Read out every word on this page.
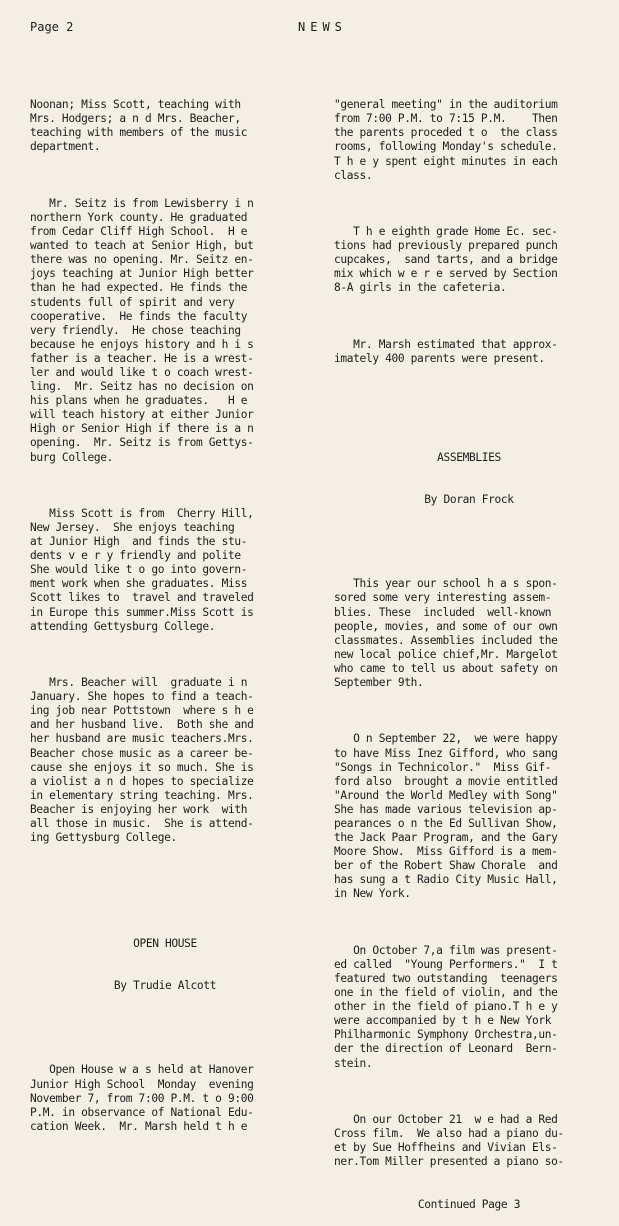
Page 2	NEWS

Noonan; Miss Scott, teaching with
Mrs. Hodgers; a n d Mrs. Beacher,
teaching with members of the music
department.

Mr. Seitz is from Lewisberry i n
northern York county. He graduated
from Cedar Cliff High School.  H e
wanted to teach at Senior High, but
there was no opening. Mr. Seitz en-
joys teaching at Junior High better
than he had expected. He finds the
students full of spirit and very
cooperative.  He finds the faculty
very friendly.  He chose teaching
because he enjoys history and h i s
father is a teacher. He is a wrest-
ler and would like t o coach wrest-
ling.  Mr. Seitz has no decision on
his plans when he graduates.   H e
will teach history at either Junior
High or Senior High if there is a n
opening.  Mr. Seitz is from Gettys-
burg College.

Miss Scott is from  Cherry Hill,
New Jersey.  She enjoys teaching
at Junior High  and finds the stu-
dents v e r y friendly and polite
She would like t o go into govern-
ment work when she graduates. Miss
Scott likes to  travel and traveled
in Europe this summer.Miss Scott is
attending Gettysburg College.

Mrs. Beacher will  graduate i n
January. She hopes to find a teach-
ing job near Pottstown  where s h e
and her husband live.  Both she and
her husband are music teachers.Mrs.
Beacher chose music as a career be-
cause she enjoys it so much. She is
a violist a n d hopes to specialize
in elementary string teaching. Mrs.
Beacher is enjoying her work  with
all those in music.  She is attend-
ing Gettysburg College.

OPEN HOUSE

By Trudie Alcott

Open House w a s held at Hanover
Junior High School  Monday  evening
November 7, from 7:00 P.M. t o 9:00
P.M. in observance of National Edu-
cation Week.  Mr. Marsh held t h e

"general meeting" in the auditorium
from 7:00 P.M. to 7:15 P.M.    Then
the parents proceded t o  the class
rooms, following Monday's schedule.
T h e y spent eight minutes in each
class.

T h e eighth grade Home Ec. sec-
tions had previously prepared punch
cupcakes,  sand tarts, and a bridge
mix which w e r e served by Section
8-A girls in the cafeteria.

Mr. Marsh estimated that approx-
imately 400 parents were present.

ASSEMBLIES

By Doran Frock

This year our school h a s spon-
sored some very interesting assem-
blies. These  included  well-known
people, movies, and some of our own
classmates. Assemblies included the
new local police chief,Mr. Margelot
who came to tell us about safety on
September 9th.

O n September 22,  we were happy
to have Miss Inez Gifford, who sang
"Songs in Technicolor."  Miss Gif-
ford also  brought a movie entitled
"Around the World Medley with Song"
She has made various television ap-
pearances o n the Ed Sullivan Show,
the Jack Paar Program, and the Gary
Moore Show.  Miss Gifford is a mem-
ber of the Robert Shaw Chorale  and
has sung a t Radio City Music Hall,
in New York.

On October 7,a film was present-
ed called  "Young Performers."  I t
featured two outstanding  teenagers
one in the field of violin, and the
other in the field of piano.T h e y
were accompanied by t h e New York
Philharmonic Symphony Orchestra,un-
der the direction of Leonard  Bern-
stein.

On our October 21  w e had a Red
Cross film.  We also had a piano du-
et by Sue Hoffheins and Vivian Els-
ner.Tom Miller presented a piano so-

Continued Page 3
